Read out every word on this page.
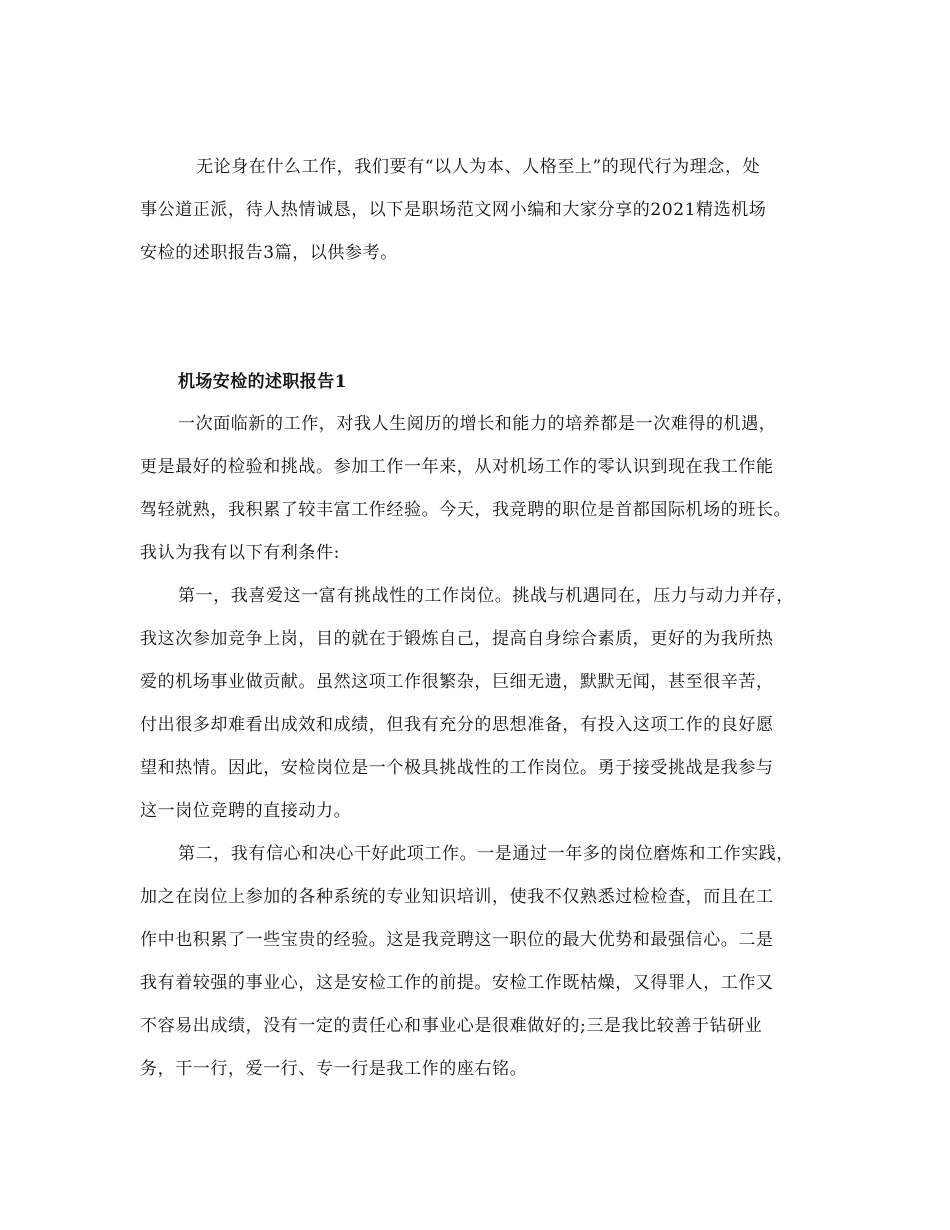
无论身在什么工作，我们要有“以人为本、人格至上”的现代行为理念，处
事公道正派，待人热情诚恳，以下是职场范文网小编和大家分享的2021精选机场
安检的述职报告3篇，以供参考。
机场安检的述职报告1
一次面临新的工作，对我人生阅历的增长和能力的培养都是一次难得的机遇，
更是最好的检验和挑战。参加工作一年来，从对机场工作的零认识到现在我工作能
驾轻就熟，我积累了较丰富工作经验。今天，我竞聘的职位是首都国际机场的班长。
我认为我有以下有利条件:
第一，我喜爱这一富有挑战性的工作岗位。挑战与机遇同在，压力与动力并存，
我这次参加竞争上岗，目的就在于锻炼自己，提高自身综合素质，更好的为我所热
爱的机场事业做贡献。虽然这项工作很繁杂，巨细无遗，默默无闻，甚至很辛苦，
付出很多却难看出成效和成绩，但我有充分的思想准备，有投入这项工作的良好愿
望和热情。因此，安检岗位是一个极具挑战性的工作岗位。勇于接受挑战是我参与
这一岗位竞聘的直接动力。
第二，我有信心和决心干好此项工作。一是通过一年多的岗位磨炼和工作实践，
加之在岗位上参加的各种系统的专业知识培训，使我不仅熟悉过检检查，而且在工
作中也积累了一些宝贵的经验。这是我竞聘这一职位的最大优势和最强信心。二是
我有着较强的事业心，这是安检工作的前提。安检工作既枯燥，又得罪人，工作又
不容易出成绩，没有一定的责任心和事业心是很难做好的;三是我比较善于钻研业
务，干一行，爱一行、专一行是我工作的座右铭。
